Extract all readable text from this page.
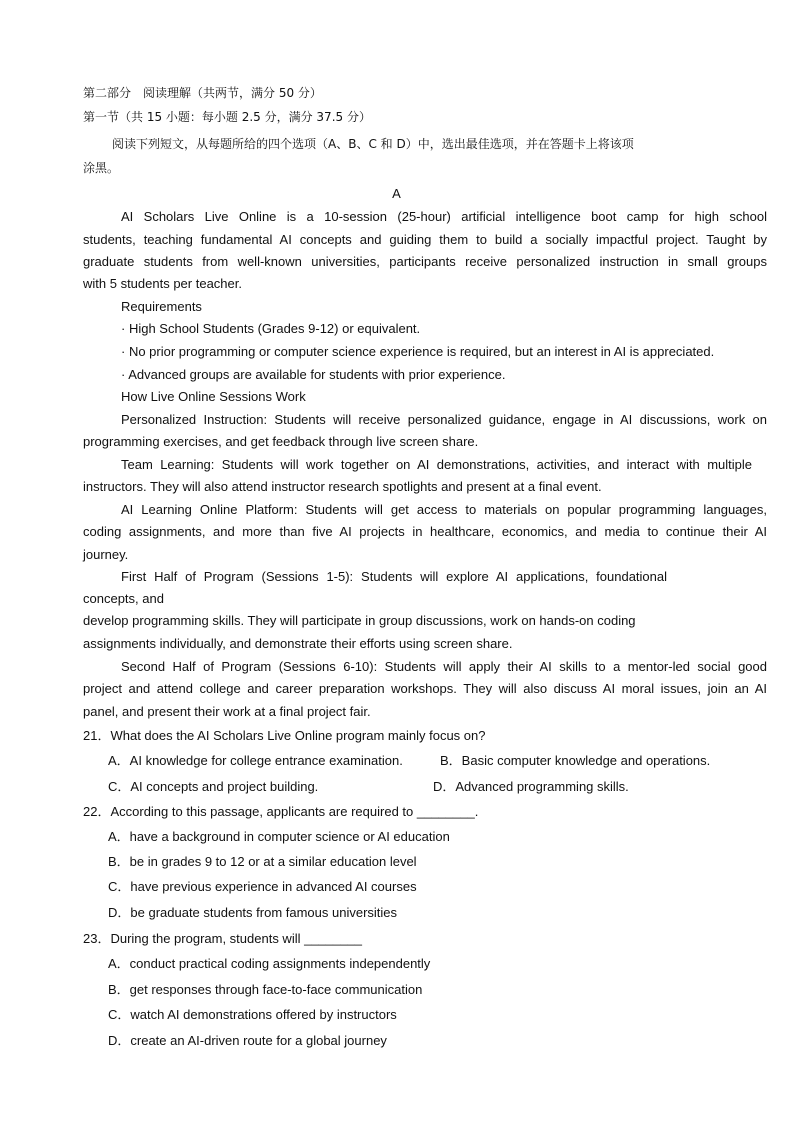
第二部分　阅读理解（共两节，满分 50 分）
第一节（共 15 小题：每小题 2.5 分，满分 37.5 分）
阅读下列短文，从每题所给的四个选项（A、B、C 和 D）中，选出最佳选项，并在答题卡上将该项
涂黑。
A
AI Scholars Live Online is a 10-session (25-hour) artificial intelligence boot camp for high school
students, teaching fundamental AI concepts and guiding them to build a socially impactful project. Taught by
graduate students from well-known universities, participants receive personalized instruction in small groups
with 5 students per teacher.
Requirements
· High School Students (Grades 9-12) or equivalent.
· No prior programming or computer science experience is required, but an interest in AI is appreciated.
· Advanced groups are available for students with prior experience.
How Live Online Sessions Work
Personalized Instruction: Students will receive personalized guidance, engage in AI discussions, work on
programming exercises, and get feedback through live screen share.
Team Learning: Students will work together on AI demonstrations, activities, and interact with multiple
instructors. They will also attend instructor research spotlights and present at a final event.
AI Learning Online Platform: Students will get access to materials on popular programming languages,
coding assignments, and more than five AI projects in healthcare, economics, and media to continue their AI
journey.
First Half of Program (Sessions 1-5): Students will explore AI applications, foundational
concepts, and
develop programming skills. They will participate in group discussions, work on hands-on coding
assignments individually, and demonstrate their efforts using screen share.
Second Half of Program (Sessions 6-10): Students will apply their AI skills to a mentor-led social good
project and attend college and career preparation workshops. They will also discuss AI moral issues, join an AI
panel, and present their work at a final project fair.
21．What does the AI Scholars Live Online program mainly focus on?
A．AI knowledge for college entrance examination.	B．Basic computer knowledge and operations.
C．AI concepts and project building.	D．Advanced programming skills.
22．According to this passage, applicants are required to ________.
A．have a background in computer science or AI education
B．be in grades 9 to 12 or at a similar education level
C．have previous experience in advanced AI courses
D．be graduate students from famous universities
23．During the program, students will ________
A．conduct practical coding assignments independently
B．get responses through face-to-face communication
C．watch AI demonstrations offered by instructors
D．create an AI-driven route for a global journey
